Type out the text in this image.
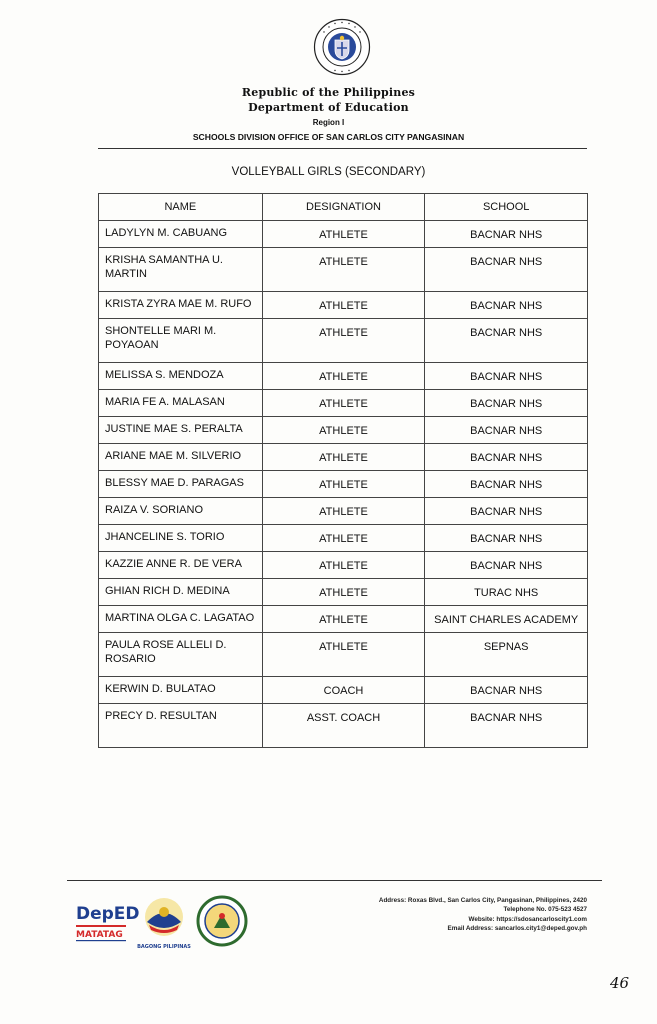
Republic of the Philippines
Department of Education
Region I
SCHOOLS DIVISION OFFICE OF SAN CARLOS CITY PANGASINAN
VOLLEYBALL GIRLS (SECONDARY)
NAME	DESIGNATION	SCHOOL
LADYLYN M. CABUANG	ATHLETE	BACNAR NHS
KRISHA SAMANTHA U. MARTIN	ATHLETE	BACNAR NHS
KRISTA ZYRA MAE M. RUFO	ATHLETE	BACNAR NHS
SHONTELLE MARI M. POYAOAN	ATHLETE	BACNAR NHS
MELISSA S. MENDOZA	ATHLETE	BACNAR NHS
MARIA FE A. MALASAN	ATHLETE	BACNAR NHS
JUSTINE MAE S. PERALTA	ATHLETE	BACNAR NHS
ARIANE MAE M. SILVERIO	ATHLETE	BACNAR NHS
BLESSY MAE D. PARAGAS	ATHLETE	BACNAR NHS
RAIZA V. SORIANO	ATHLETE	BACNAR NHS
JHANCELINE S. TORIO	ATHLETE	BACNAR NHS
KAZZIE ANNE R. DE VERA	ATHLETE	BACNAR NHS
GHIAN RICH D. MEDINA	ATHLETE	TURAC NHS
MARTINA OLGA C. LAGATAO	ATHLETE	SAINT CHARLES ACADEMY
PAULA ROSE ALLELI D. ROSARIO	ATHLETE	SEPNAS
KERWIN D. BULATAO	COACH	BACNAR NHS
PRECY D. RESULTAN	ASST. COACH	BACNAR NHS
DepED
MATATAG
BAGONG PILIPINAS
Address: Roxas Blvd., San Carlos City, Pangasinan, Philippines, 2420
Telephone No. 075-523 4527
Website: https://sdosancarloscity1.com
Email Address: sancarlos.city1@deped.gov.ph
46
